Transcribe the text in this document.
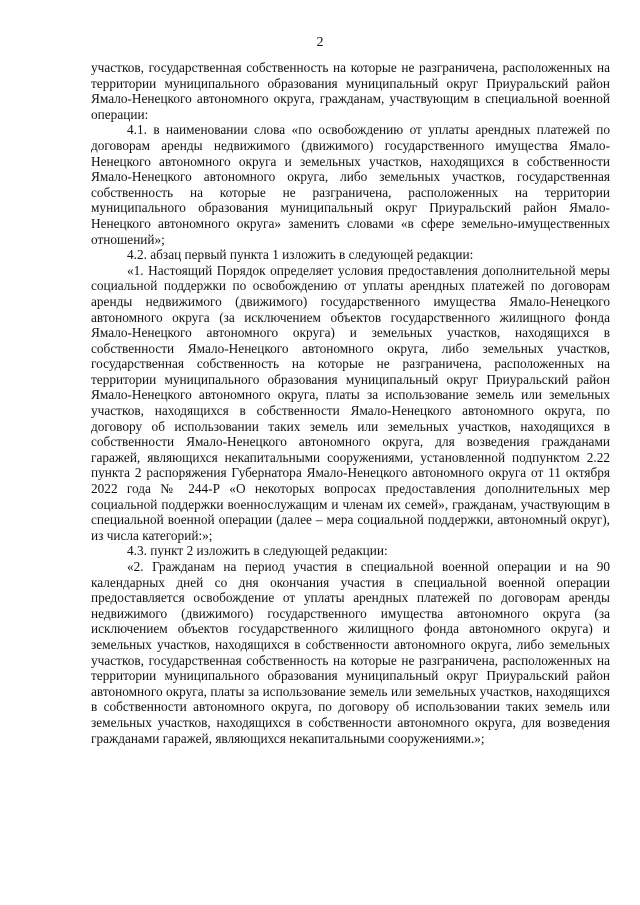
2

участков, государственная собственность на которые не разграничена, расположенных на территории муниципального образования муниципальный округ Приуральский район Ямало-Ненецкого автономного округа, гражданам, участвующим в специальной военной операции:

4.1. в наименовании слова «по освобождению от уплаты арендных платежей по договорам аренды недвижимого (движимого) государственного имущества Ямало-Ненецкого автономного округа и земельных участков, находящихся в собственности Ямало-Ненецкого автономного округа, либо земельных участков, государственная собственность на которые не разграничена, расположенных на территории муниципального образования муниципальный округ Приуральский район Ямало-Ненецкого автономного округа» заменить словами «в сфере земельно-имущественных отношений»;

4.2. абзац первый пункта 1 изложить в следующей редакции:

«1. Настоящий Порядок определяет условия предоставления дополнительной меры социальной поддержки по освобождению от уплаты арендных платежей по договорам аренды недвижимого (движимого) государственного имущества Ямало-Ненецкого автономного округа (за исключением объектов государственного жилищного фонда Ямало-Ненецкого автономного округа) и земельных участков, находящихся в собственности Ямало-Ненецкого автономного округа, либо земельных участков, государственная собственность на которые не разграничена, расположенных на территории муниципального образования муниципальный округ Приуральский район Ямало-Ненецкого автономного округа, платы за использование земель или земельных участков, находящихся в собственности Ямало-Ненецкого автономного округа, по договору об использовании таких земель или земельных участков, находящихся в собственности Ямало-Ненецкого автономного округа, для возведения гражданами гаражей, являющихся некапитальными сооружениями, установленной подпунктом 2.22 пункта 2 распоряжения Губернатора Ямало-Ненецкого автономного округа от 11 октября 2022 года № 244-Р «О некоторых вопросах предоставления дополнительных мер социальной поддержки военнослужащим и членам их семей», гражданам, участвующим в специальной военной операции (далее – мера социальной поддержки, автономный округ), из числа категорий:»;

4.3. пункт 2 изложить в следующей редакции:

«2. Гражданам на период участия в специальной военной операции и на 90 календарных дней со дня окончания участия в специальной военной операции предоставляется освобождение от уплаты арендных платежей по договорам аренды недвижимого (движимого) государственного имущества автономного округа (за исключением объектов государственного жилищного фонда автономного округа) и земельных участков, находящихся в собственности автономного округа, либо земельных участков, государственная собственность на которые не разграничена, расположенных на территории муниципального образования муниципальный округ Приуральский район автономного округа, платы за использование земель или земельных участков, находящихся в собственности автономного округа, по договору об использовании таких земель или земельных участков, находящихся в собственности автономного округа, для возведения гражданами гаражей, являющихся некапитальными сооружениями.»;
